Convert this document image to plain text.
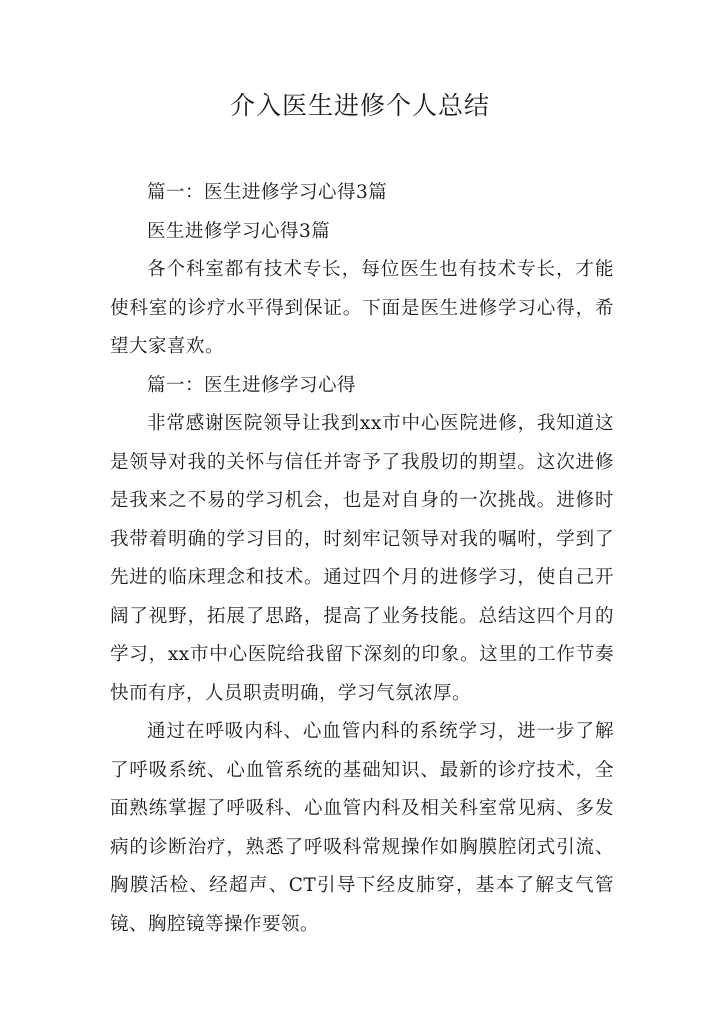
介入医生进修个人总结

篇一：医生进修学习心得3篇

医生进修学习心得3篇

各个科室都有技术专长，每位医生也有技术专长，才能使科室的诊疗水平得到保证。下面是医生进修学习心得，希望大家喜欢。

篇一：医生进修学习心得

非常感谢医院领导让我到xx市中心医院进修，我知道这是领导对我的关怀与信任并寄予了我殷切的期望。这次进修是我来之不易的学习机会，也是对自身的一次挑战。进修时我带着明确的学习目的，时刻牢记领导对我的嘱咐，学到了先进的临床理念和技术。通过四个月的进修学习，使自己开阔了视野，拓展了思路，提高了业务技能。总结这四个月的学习，xx市中心医院给我留下深刻的印象。这里的工作节奏快而有序，人员职责明确，学习气氛浓厚。

通过在呼吸内科、心血管内科的系统学习，进一步了解了呼吸系统、心血管系统的基础知识、最新的诊疗技术，全面熟练掌握了呼吸科、心血管内科及相关科室常见病、多发病的诊断治疗，熟悉了呼吸科常规操作如胸膜腔闭式引流、胸膜活检、经超声、CT引导下经皮肺穿，基本了解支气管镜、胸腔镜等操作要领。
